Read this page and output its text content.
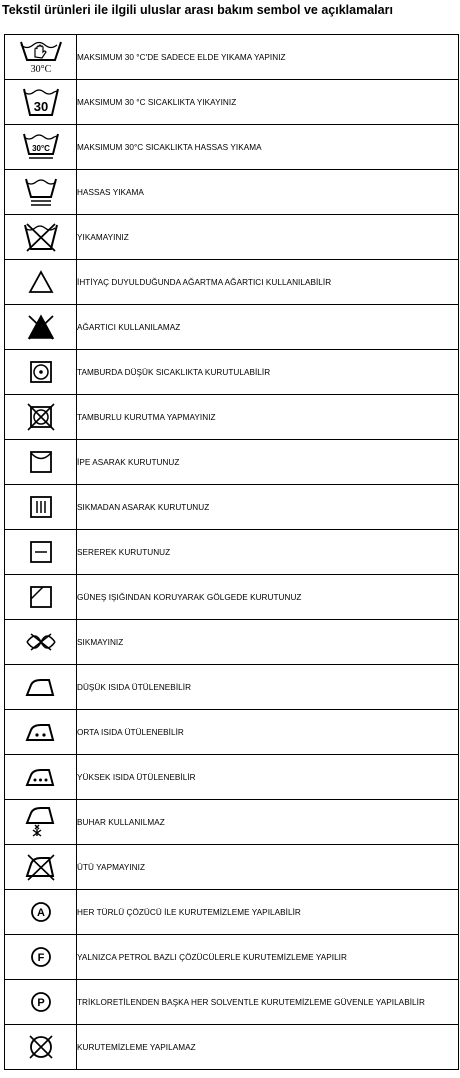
Tekstil ürünleri ile ilgili uluslar arası bakım sembol ve açıklamaları
30°C	MAKSIMUM 30 °C'DE SADECE ELDE YIKAMA YAPINIZ

30	MAKSIMUM 30 °C SICAKLIKTA YIKAYINIZ

30°C	MAKSIMUM 30°C SICAKLIKTA HASSAS YIKAMA

	HASSAS YIKAMA

	YIKAMAYINIZ

	İHTİYAÇ DUYULDUĞUNDA AĞARTMA AĞARTICI KULLANILABİLİR

	AĞARTICI KULLANILAMAZ

	TAMBURDA DÜŞÜK SICAKLIKTA KURUTULABİLİR

	TAMBURLU KURUTMA YAPMAYINIZ

	İPE ASARAK KURUTUNUZ

	SIKMADAN ASARAK KURUTUNUZ

	SEREREK KURUTUNUZ

	GÜNEŞ IŞIĞINDAN KORUYARAK GÖLGEDE KURUTUNUZ

	SIKMAYINIZ

	DÜŞÜK ISIDA ÜTÜLENEBİLİR

	ORTA ISIDA ÜTÜLENEBİLİR

	YÜKSEK ISIDA ÜTÜLENEBİLİR

	BUHAR KULLANILMAZ

	ÜTÜ YAPMAYINIZ

A	HER TÜRLÜ ÇÖZÜCÜ İLE KURUTEMİZLEME YAPILABİLİR

F	YALNIZCA PETROL BAZLI ÇÖZÜCÜLERLE KURUTEMİZLEME YAPILIR

P	TRİKLORETİLENDEN BAŞKA HER SOLVENTLE KURUTEMİZLEME GÜVENLE YAPILABİLİR

	KURUTEMİZLEME YAPILAMAZ
